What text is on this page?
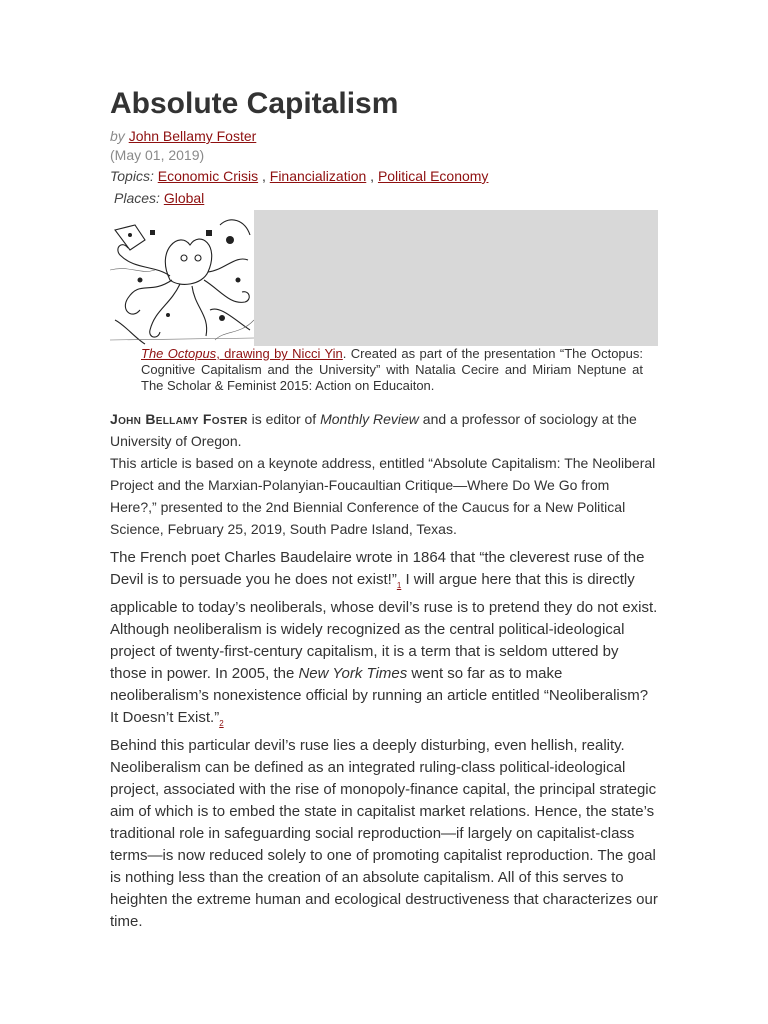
Absolute Capitalism
by John Bellamy Foster
(May 01, 2019)
Topics: Economic Crisis , Financialization , Political Economy
Places: Global
The Octopus, drawing by Nicci Yin. Created as part of the presentation “The Octopus: Cognitive Capitalism and the University” with Natalia Cecire and Miriam Neptune at The Scholar & Feminist 2015: Action on Educaiton.

John Bellamy Foster is editor of Monthly Review and a professor of sociology at the University of Oregon.

This article is based on a keynote address, entitled “Absolute Capitalism: The Neoliberal Project and the Marxian-Polanyian-Foucaultian Critique—Where Do We Go from Here?,” presented to the 2nd Biennial Conference of the Caucus for a New Political Science, February 25, 2019, South Padre Island, Texas.

The French poet Charles Baudelaire wrote in 1864 that “the cleverest ruse of the Devil is to persuade you he does not $exist!”_1$ I will argue here that this is directly applicable to today’s neoliberals, whose devil’s ruse is to pretend they do not exist. Although neoliberalism is widely recognized as the central political-ideological project of twenty-first-century capitalism, it is a term that is seldom uttered by those in power. In 2005, the New York Times went so far as to make neoliberalism’s nonexistence official by running an article entitled “Neoliberalism? It Doesn’t $Exist.”_2$

Behind this particular devil’s ruse lies a deeply disturbing, even hellish, reality. Neoliberalism can be defined as an integrated ruling-class political-ideological project, associated with the rise of monopoly-finance capital, the principal strategic aim of which is to embed the state in capitalist market relations. Hence, the state’s traditional role in safeguarding social reproduction—if largely on capitalist-class terms—is now reduced solely to one of promoting capitalist reproduction. The goal is nothing less than the creation of an absolute capitalism. All of this serves to heighten the extreme human and ecological destructiveness that characterizes our time.
